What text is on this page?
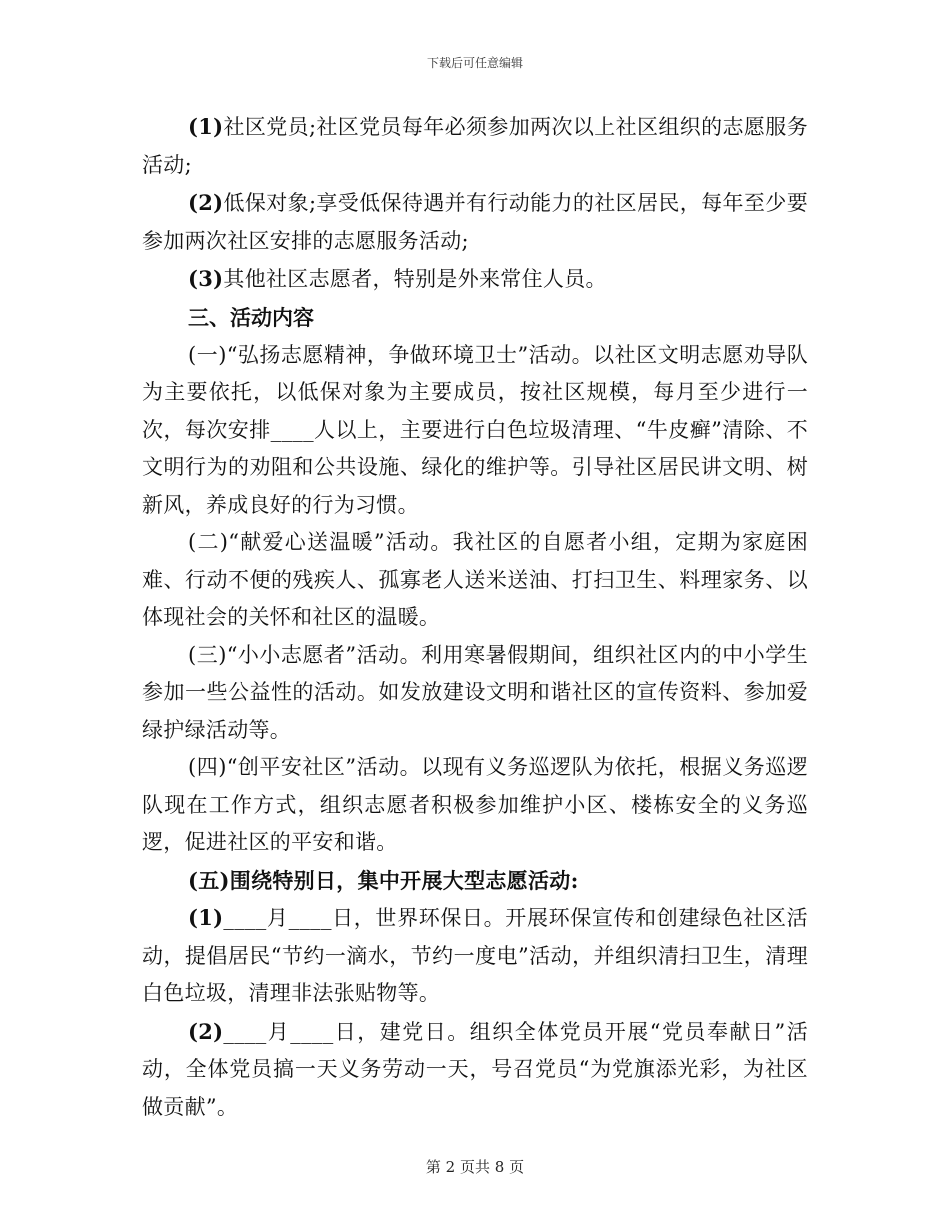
下载后可任意编辑

(1)社区党员;社区党员每年必须参加两次以上社区组织的志愿服务活动;

(2)低保对象;享受低保待遇并有行动能力的社区居民，每年至少要参加两次社区安排的志愿服务活动;

(3)其他社区志愿者，特别是外来常住人员。

三、活动内容

(一)“弘扬志愿精神，争做环境卫士”活动。以社区文明志愿劝导队为主要依托，以低保对象为主要成员，按社区规模，每月至少进行一次，每次安排____人以上，主要进行白色垃圾清理、“牛皮癣”清除、不文明行为的劝阻和公共设施、绿化的维护等。引导社区居民讲文明、树新风，养成良好的行为习惯。

(二)“献爱心送温暖”活动。我社区的自愿者小组，定期为家庭困难、行动不便的残疾人、孤寡老人送米送油、打扫卫生、料理家务、以体现社会的关怀和社区的温暖。

(三)“小小志愿者”活动。利用寒暑假期间，组织社区内的中小学生参加一些公益性的活动。如发放建设文明和谐社区的宣传资料、参加爱绿护绿活动等。

(四)“创平安社区”活动。以现有义务巡逻队为依托，根据义务巡逻队现在工作方式，组织志愿者积极参加维护小区、楼栋安全的义务巡逻，促进社区的平安和谐。

(五)围绕特别日，集中开展大型志愿活动:

(1)____月____日，世界环保日。开展环保宣传和创建绿色社区活动，提倡居民“节约一滴水，节约一度电”活动，并组织清扫卫生，清理白色垃圾，清理非法张贴物等。

(2)____月____日，建党日。组织全体党员开展“党员奉献日”活动，全体党员搞一天义务劳动一天，号召党员“为党旗添光彩，为社区做贡献”。

第 2 页共 8 页
